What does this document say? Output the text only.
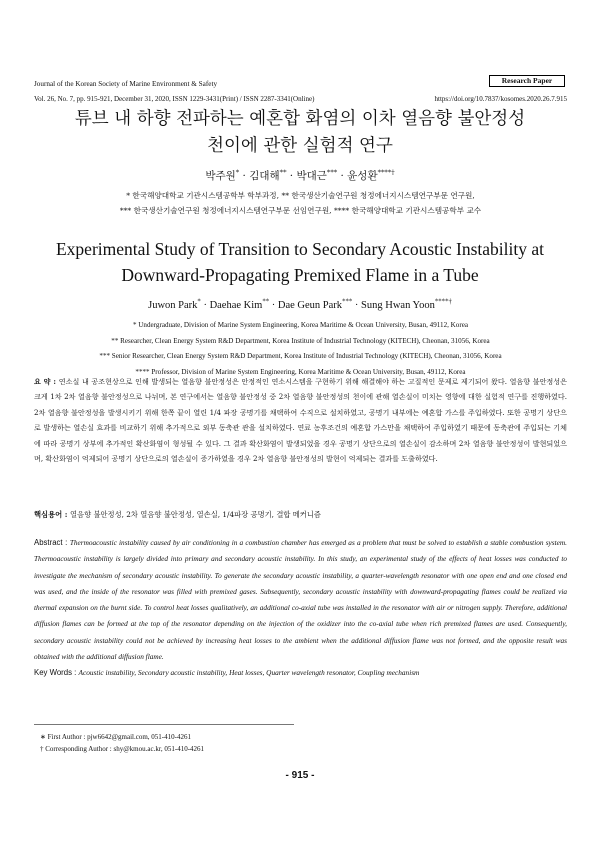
Journal of the Korean Society of Marine Environment & Safety	Research Paper
Vol. 26, No. 7, pp. 915-921, December 31, 2020, ISSN 1229-3431(Print) / ISSN 2287-3341(Online)	https://doi.org/10.7837/kosomes.2020.26.7.915
튜브 내 하향 전파하는 예혼합 화염의 이차 열음향 불안정성
천이에 관한 실험적 연구
박주원* · 김대해** · 박대근*** · 윤성환****†
* 한국해양대학교 기관시스템공학부 학부과정, ** 한국생산기술연구원 청정에너지시스템연구부문 연구원,
*** 한국생산기술연구원 청정에너지시스템연구부문 선임연구원, **** 한국해양대학교 기관시스템공학부 교수
Experimental Study of Transition to Secondary Acoustic Instability at
Downward-Propagating Premixed Flame in a Tube
Juwon Park* · Daehae Kim** · Dae Geun Park*** · Sung Hwan Yoon****†
* Undergraduate, Division of Marine System Engineering, Korea Maritime & Ocean University, Busan, 49112, Korea
** Researcher, Clean Energy System R&D Department, Korea Institute of Industrial Technology (KITECH), Cheonan, 31056, Korea
*** Senior Researcher, Clean Energy System R&D Department, Korea Institute of Industrial Technology (KITECH), Cheonan, 31056, Korea
**** Professor, Division of Marine System Engineering, Korea Maritime & Ocean University, Busan, 49112, Korea
요 약 : 연소실 내 공조현상으로 인해 발생되는 열음향 불안정성은 안정적인 연소시스템을 구현하기 위해 해결해야 하는 고질적인 문제로 제기되어 왔다. 열음향 불안정성은 크게 1차 2차 열음향 불안정성으로 나뉘며, 본 연구에서는 열음향 불안정성 중 2차 열음향 불안정성의 천이에 관해 열손실이 미치는 영향에 대한 실험적 연구를 진행하였다. 2차 열음향 불안정성을 발생시키기 위해 한쪽 끝이 열린 1/4 파장 공명기를 채택하여 수직으로 설치하였고, 공명기 내부에는 예혼합 가스를 주입하였다. 또한 공명기 상단으로 발생하는 열손실 효과를 비교하기 위해 추가적으로 외부 동축관 관을 설치하였다. 연료 농후조건의 예혼합 가스만을 채택하여 주입하였기 때문에 동축관에 주입되는 기체에 따라 공명기 상부에 추가적인 확산화염이 형성될 수 있다. 그 결과 확산화염이 발생되었을 경우 공명기 상단으로의 열손실이 감소하며 2차 열음향 불안정성이 발현되었으며, 확산화염이 억제되어 공명기 상단으로의 열손실이 증가하였을 경우 2차 열음향 불안정성의 발현이 억제되는 결과를 도출하였다.
핵심용어 : 열음향 불안정성, 2차 열음향 불안정성, 열손실, 1/4파장 공명기, 결합 메커니즘
Abstract : Thermoacoustic instability caused by air conditioning in a combustion chamber has emerged as a problem that must be solved to establish a stable combustion system. Thermoacoustic instability is largely divided into primary and secondary acoustic instability. In this study, an experimental study of the effects of heat losses was conducted to investigate the mechanism of secondary acoustic instability. To generate the secondary acoustic instability, a quarter-wavelength resonator with one open end and one closed end was used, and the inside of the resonator was filled with premixed gases. Subsequently, secondary acoustic instability with downward-propagating flames could be realized via thermal expansion on the burnt side. To control heat losses qualitatively, an additional co-axial tube was installed in the resonator with air or nitrogen supply. Therefore, additional diffusion flames can be formed at the top of the resonator depending on the injection of the oxidizer into the co-axial tube when rich premixed flames are used. Consequently, secondary acoustic instability could not be achieved by increasing heat losses to the ambient when the additional diffusion flame was not formed, and the opposite result was obtained with the additional diffusion flame.
Key Words : Acoustic instability, Secondary acoustic instability, Heat losses, Quarter wavelength resonator, Coupling mechanism
∗ First Author : pjw6642@gmail.com, 051-410-4261
† Corresponding Author : shy@kmou.ac.kr, 051-410-4261
- 915 -
